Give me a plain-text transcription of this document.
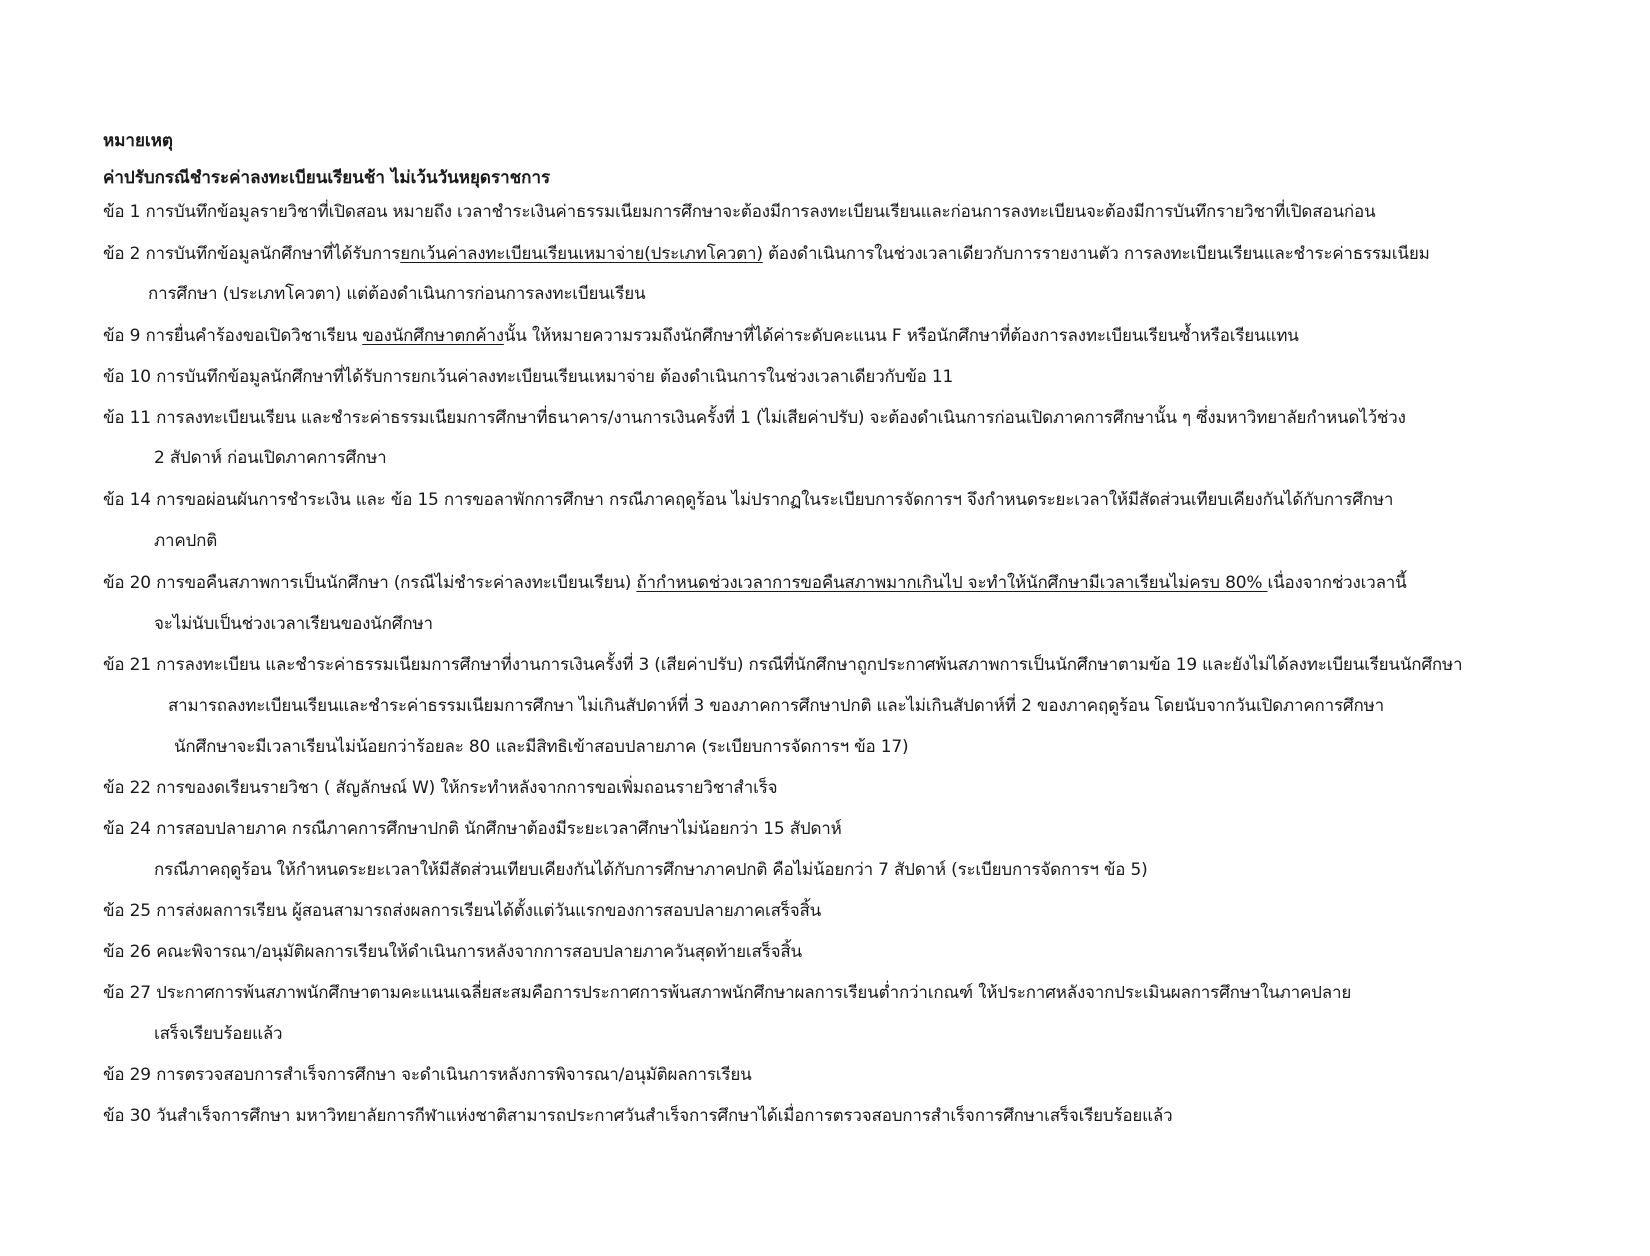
หมายเหตุ
ค่าปรับกรณีชำระค่าลงทะเบียนเรียนช้า ไม่เว้นวันหยุดราชการ
ข้อ 1 การบันทึกข้อมูลรายวิชาที่เปิดสอน หมายถึง เวลาชำระเงินค่าธรรมเนียมการศึกษาจะต้องมีการลงทะเบียนเรียนและก่อนการลงทะเบียนจะต้องมีการบันทึกรายวิชาที่เปิดสอนก่อน
ข้อ 2 การบันทึกข้อมูลนักศึกษาที่ได้รับการยกเว้นค่าลงทะเบียนเรียนเหมาจ่าย(ประเภทโควตา) ต้องดำเนินการในช่วงเวลาเดียวกับการรายงานตัว การลงทะเบียนเรียนและชำระค่าธรรมเนียม
การศึกษา (ประเภทโควตา) แต่ต้องดำเนินการก่อนการลงทะเบียนเรียน
ข้อ 9 การยื่นคำร้องขอเปิดวิชาเรียน ของนักศึกษาตกค้างนั้น ให้หมายความรวมถึงนักศึกษาที่ได้ค่าระดับคะแนน F หรือนักศึกษาที่ต้องการลงทะเบียนเรียนซ้ำหรือเรียนแทน
ข้อ 10 การบันทึกข้อมูลนักศึกษาที่ได้รับการยกเว้นค่าลงทะเบียนเรียนเหมาจ่าย ต้องดำเนินการในช่วงเวลาเดียวกับข้อ 11
ข้อ 11 การลงทะเบียนเรียน และชำระค่าธรรมเนียมการศึกษาที่ธนาคาร/งานการเงินครั้งที่ 1 (ไม่เสียค่าปรับ) จะต้องดำเนินการก่อนเปิดภาคการศึกษานั้น ๆ ซึ่งมหาวิทยาลัยกำหนดไว้ช่วง
2 สัปดาห์ ก่อนเปิดภาคการศึกษา
ข้อ 14 การขอผ่อนผันการชำระเงิน และ ข้อ 15 การขอลาพักการศึกษา กรณีภาคฤดูร้อน ไม่ปรากฏในระเบียบการจัดการฯ จึงกำหนดระยะเวลาให้มีสัดส่วนเทียบเคียงกันได้กับการศึกษา
ภาคปกติ
ข้อ 20 การขอคืนสภาพการเป็นนักศึกษา (กรณีไม่ชำระค่าลงทะเบียนเรียน) ถ้ากำหนดช่วงเวลาการขอคืนสภาพมากเกินไป จะทำให้นักศึกษามีเวลาเรียนไม่ครบ 80% เนื่องจากช่วงเวลานี้
จะไม่นับเป็นช่วงเวลาเรียนของนักศึกษา
ข้อ 21 การลงทะเบียน และชำระค่าธรรมเนียมการศึกษาที่งานการเงินครั้งที่ 3 (เสียค่าปรับ) กรณีที่นักศึกษาถูกประกาศพ้นสภาพการเป็นนักศึกษาตามข้อ 19 และยังไม่ได้ลงทะเบียนเรียนนักศึกษา
สามารถลงทะเบียนเรียนและชำระค่าธรรมเนียมการศึกษา ไม่เกินสัปดาห์ที่ 3 ของภาคการศึกษาปกติ และไม่เกินสัปดาห์ที่ 2 ของภาคฤดูร้อน โดยนับจากวันเปิดภาคการศึกษา
นักศึกษาจะมีเวลาเรียนไม่น้อยกว่าร้อยละ 80 และมีสิทธิเข้าสอบปลายภาค (ระเบียบการจัดการฯ ข้อ 17)
ข้อ 22 การของดเรียนรายวิชา ( สัญลักษณ์ W) ให้กระทำหลังจากการขอเพิ่มถอนรายวิชาสำเร็จ
ข้อ 24 การสอบปลายภาค กรณีภาคการศึกษาปกติ นักศึกษาต้องมีระยะเวลาศึกษาไม่น้อยกว่า 15 สัปดาห์
กรณีภาคฤดูร้อน ให้กำหนดระยะเวลาให้มีสัดส่วนเทียบเคียงกันได้กับการศึกษาภาคปกติ คือไม่น้อยกว่า 7 สัปดาห์ (ระเบียบการจัดการฯ ข้อ 5)
ข้อ 25 การส่งผลการเรียน ผู้สอนสามารถส่งผลการเรียนได้ตั้งแต่วันแรกของการสอบปลายภาคเสร็จสิ้น
ข้อ 26 คณะพิจารณา/อนุมัติผลการเรียนให้ดำเนินการหลังจากการสอบปลายภาควันสุดท้ายเสร็จสิ้น
ข้อ 27 ประกาศการพ้นสภาพนักศึกษาตามคะแนนเฉลี่ยสะสมคือการประกาศการพ้นสภาพนักศึกษาผลการเรียนต่ำกว่าเกณฑ์ ให้ประกาศหลังจากประเมินผลการศึกษาในภาคปลาย
เสร็จเรียบร้อยแล้ว
ข้อ 29 การตรวจสอบการสำเร็จการศึกษา จะดำเนินการหลังการพิจารณา/อนุมัติผลการเรียน
ข้อ 30 วันสำเร็จการศึกษา มหาวิทยาลัยการกีฬาแห่งชาติสามารถประกาศวันสำเร็จการศึกษาได้เมื่อการตรวจสอบการสำเร็จการศึกษาเสร็จเรียบร้อยแล้ว
